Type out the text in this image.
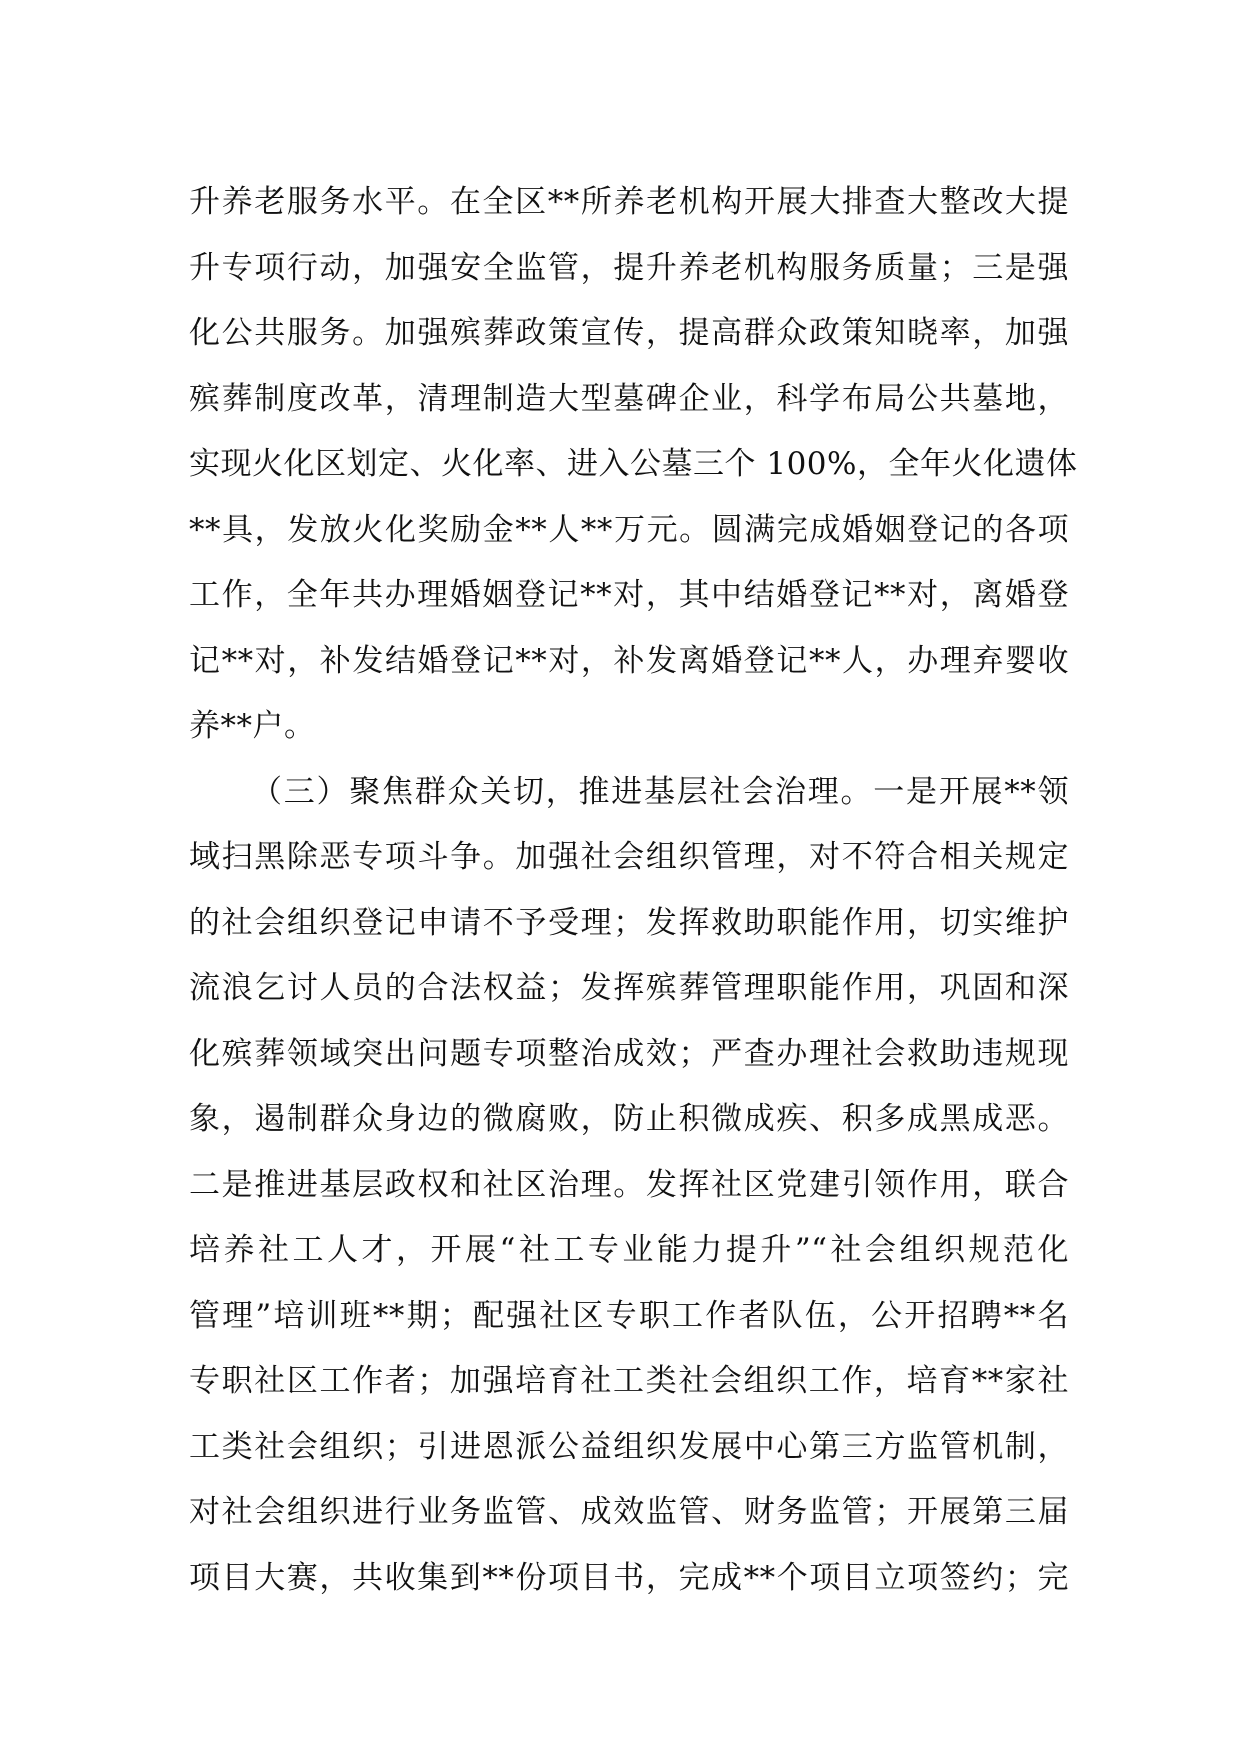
升养老服务水平。在全区**所养老机构开展大排查大整改大提
升专项行动，加强安全监管，提升养老机构服务质量；三是强
化公共服务。加强殡葬政策宣传，提高群众政策知晓率，加强
殡葬制度改革，清理制造大型墓碑企业，科学布局公共墓地，
实现火化区划定、火化率、进入公墓三个 100%，全年火化遗体
**具，发放火化奖励金**人**万元。圆满完成婚姻登记的各项
工作，全年共办理婚姻登记**对，其中结婚登记**对，离婚登
记**对，补发结婚登记**对，补发离婚登记**人，办理弃婴收
养**户。
（三）聚焦群众关切，推进基层社会治理。一是开展**领
域扫黑除恶专项斗争。加强社会组织管理，对不符合相关规定
的社会组织登记申请不予受理；发挥救助职能作用，切实维护
流浪乞讨人员的合法权益；发挥殡葬管理职能作用，巩固和深
化殡葬领域突出问题专项整治成效；严查办理社会救助违规现
象，遏制群众身边的微腐败，防止积微成疾、积多成黑成恶。
二是推进基层政权和社区治理。发挥社区党建引领作用，联合
培养社工人才，开展“社工专业能力提升”“社会组织规范化
管理”培训班**期；配强社区专职工作者队伍，公开招聘**名
专职社区工作者；加强培育社工类社会组织工作，培育**家社
工类社会组织；引进恩派公益组织发展中心第三方监管机制，
对社会组织进行业务监管、成效监管、财务监管；开展第三届
项目大赛，共收集到**份项目书，完成**个项目立项签约；完
